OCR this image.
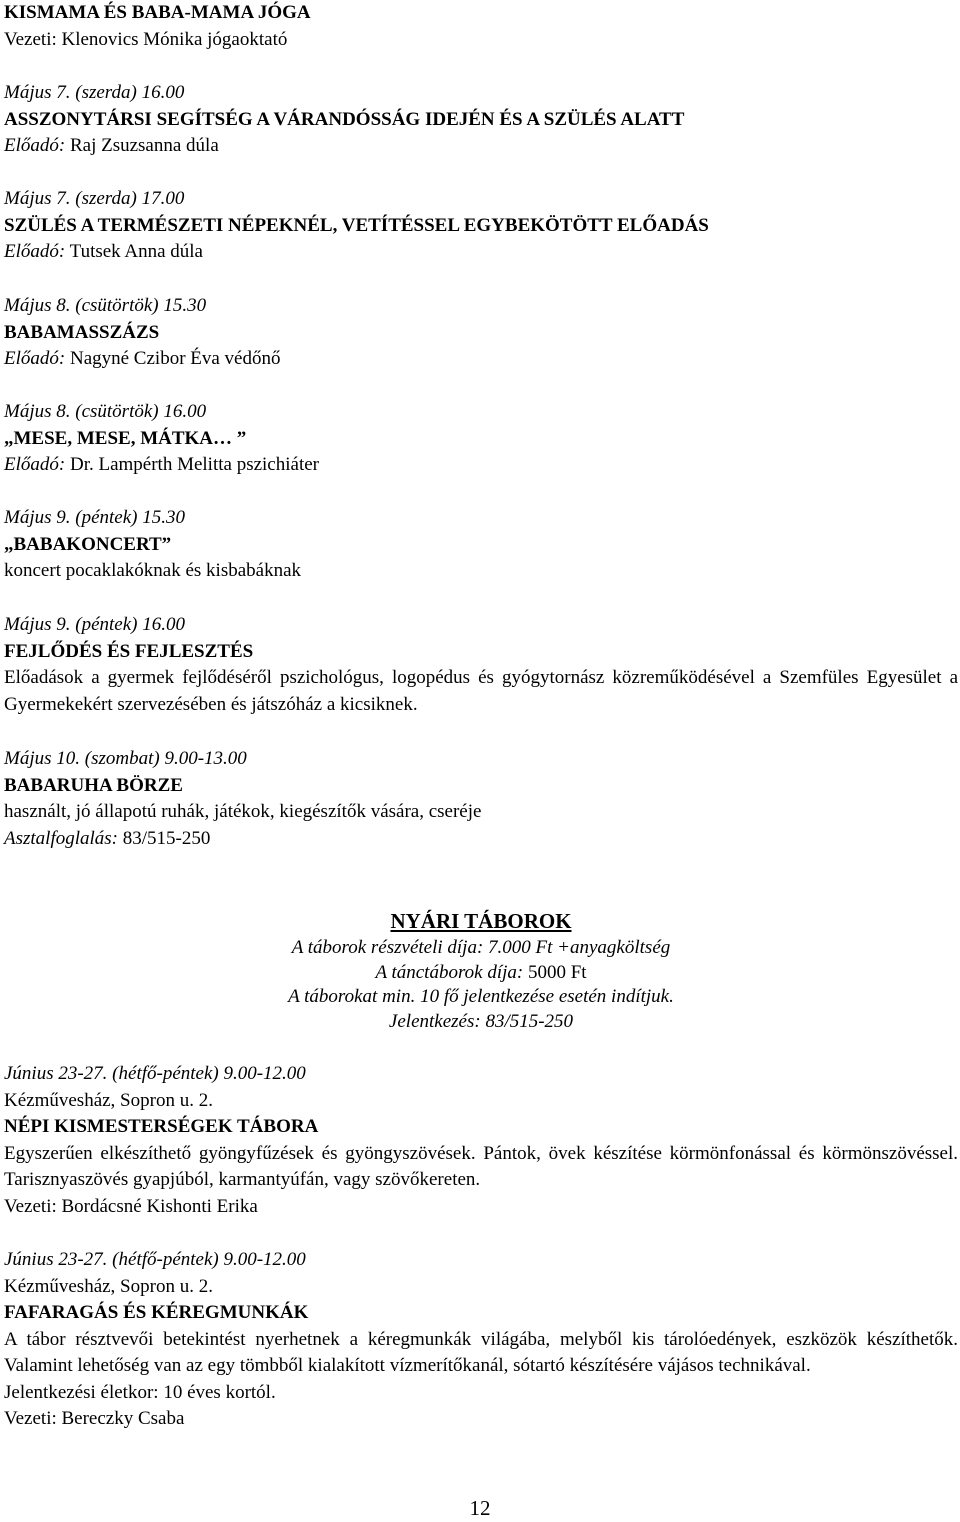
KISMAMA ÉS BABA-MAMA JÓGA
Vezeti: Klenovics Mónika jógaoktató
Május 7. (szerda) 16.00
ASSZONYTÁRSI SEGÍTSÉG A VÁRANDÓSSÁG IDEJÉN ÉS A SZÜLÉS ALATT
Előadó: Raj Zsuzsanna dúla
Május 7. (szerda) 17.00
SZÜLÉS A TERMÉSZETI NÉPEKNÉL, VETÍTÉSSEL EGYBEKÖTÖTT ELŐADÁS
Előadó: Tutsek Anna dúla
Május 8. (csütörtök) 15.30
BABAMASSZÁZS
Előadó: Nagyné Czibor Éva védőnő
Május 8. (csütörtök) 16.00
„MESE, MESE, MÁTKA… ”
Előadó: Dr. Lampérth Melitta pszichiáter
Május 9. (péntek) 15.30
„BABAKONCERT”
koncert pocaklakóknak és kisbabáknak
Május 9. (péntek) 16.00
FEJLŐDÉS ÉS FEJLESZTÉS
Előadások a gyermek fejlődéséről pszichológus, logopédus és gyógytornász közreműködésével a Szemfüles Egyesület a Gyermekekért szervezésében és játszóház a kicsiknek.
Május 10. (szombat) 9.00-13.00
BABARUHA BÖRZE
használt, jó állapotú ruhák, játékok, kiegészítők vására, cseréje
Asztalfoglalás: 83/515-250
NYÁRI TÁBOROK
A táborok részvételi díja: 7.000 Ft +anyagköltség
A tánctáborok díja: 5000 Ft
A táborokat min. 10 fő jelentkezése esetén indítjuk.
Jelentkezés: 83/515-250
Június 23-27. (hétfő-péntek) 9.00-12.00
Kézművesház, Sopron u. 2.
NÉPI KISMESTERSÉGEK TÁBORA
Egyszerűen elkészíthető gyöngyfűzések és gyöngyszövések. Pántok, övek készítése körmönfonással és körmönszövéssel. Tarisznyaszövés gyapjúból, karmantyúfán, vagy szövőkereten.
Vezeti: Bordácsné Kishonti Erika
Június 23-27. (hétfő-péntek) 9.00-12.00
Kézművesház, Sopron u. 2.
FAFARAGÁS ÉS KÉREGMUNKÁK
A tábor résztvevői betekintést nyerhetnek a kéregmunkák világába, melyből kis tárolóedények, eszközök készíthetők. Valamint lehetőség van az egy tömbből kialakított vízmerítőkanál, sótartó készítésére vájásos technikával.
Jelentkezési életkor: 10 éves kortól.
Vezeti: Bereczky Csaba
12
